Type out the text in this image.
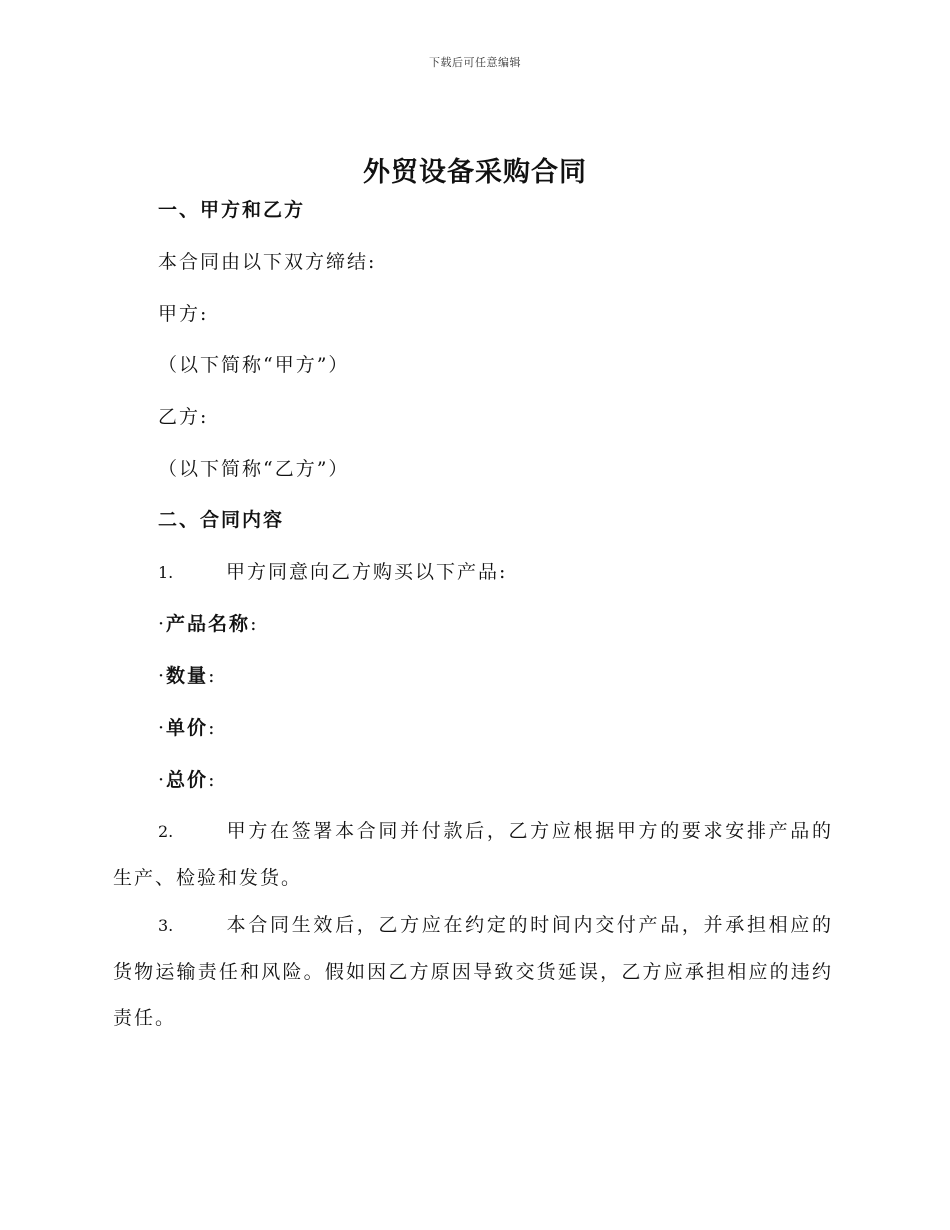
下载后可任意编辑
外贸设备采购合同

一、甲方和乙方

本合同由以下双方缔结:

甲方:

（以下简称“甲方”）

乙方:

（以下简称“乙方”）

二、合同内容

1.	甲方同意向乙方购买以下产品:

·产品名称:

·数量:

·单价:

·总价:

2.	甲方在签署本合同并付款后，乙方应根据甲方的要求安排产品的生产、检验和发货。

3.	本合同生效后，乙方应在约定的时间内交付产品，并承担相应的货物运输责任和风险。假如因乙方原因导致交货延误，乙方应承担相应的违约责任。
